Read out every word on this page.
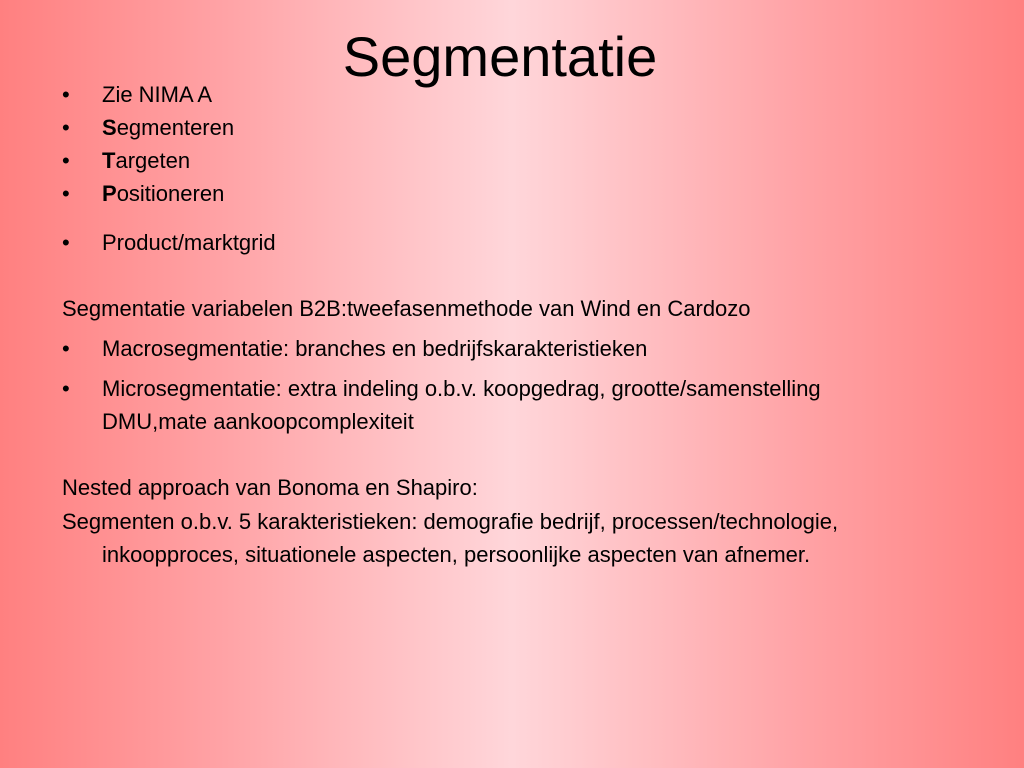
Segmentatie
• Zie NIMA A
• Segmenteren
• Targeten
• Positioneren
• Product/marktgrid
Segmentatie variabelen B2B:tweefasenmethode van Wind en Cardozo
• Macrosegmentatie: branches en bedrijfskarakteristieken
• Microsegmentatie: extra indeling o.b.v. koopgedrag, grootte/samenstelling DMU,mate aankoopcomplexiteit
Nested approach van Bonoma en Shapiro:
Segmenten o.b.v. 5 karakteristieken: demografie bedrijf, processen/technologie, inkoopproces, situationele aspecten, persoonlijke aspecten van afnemer.
